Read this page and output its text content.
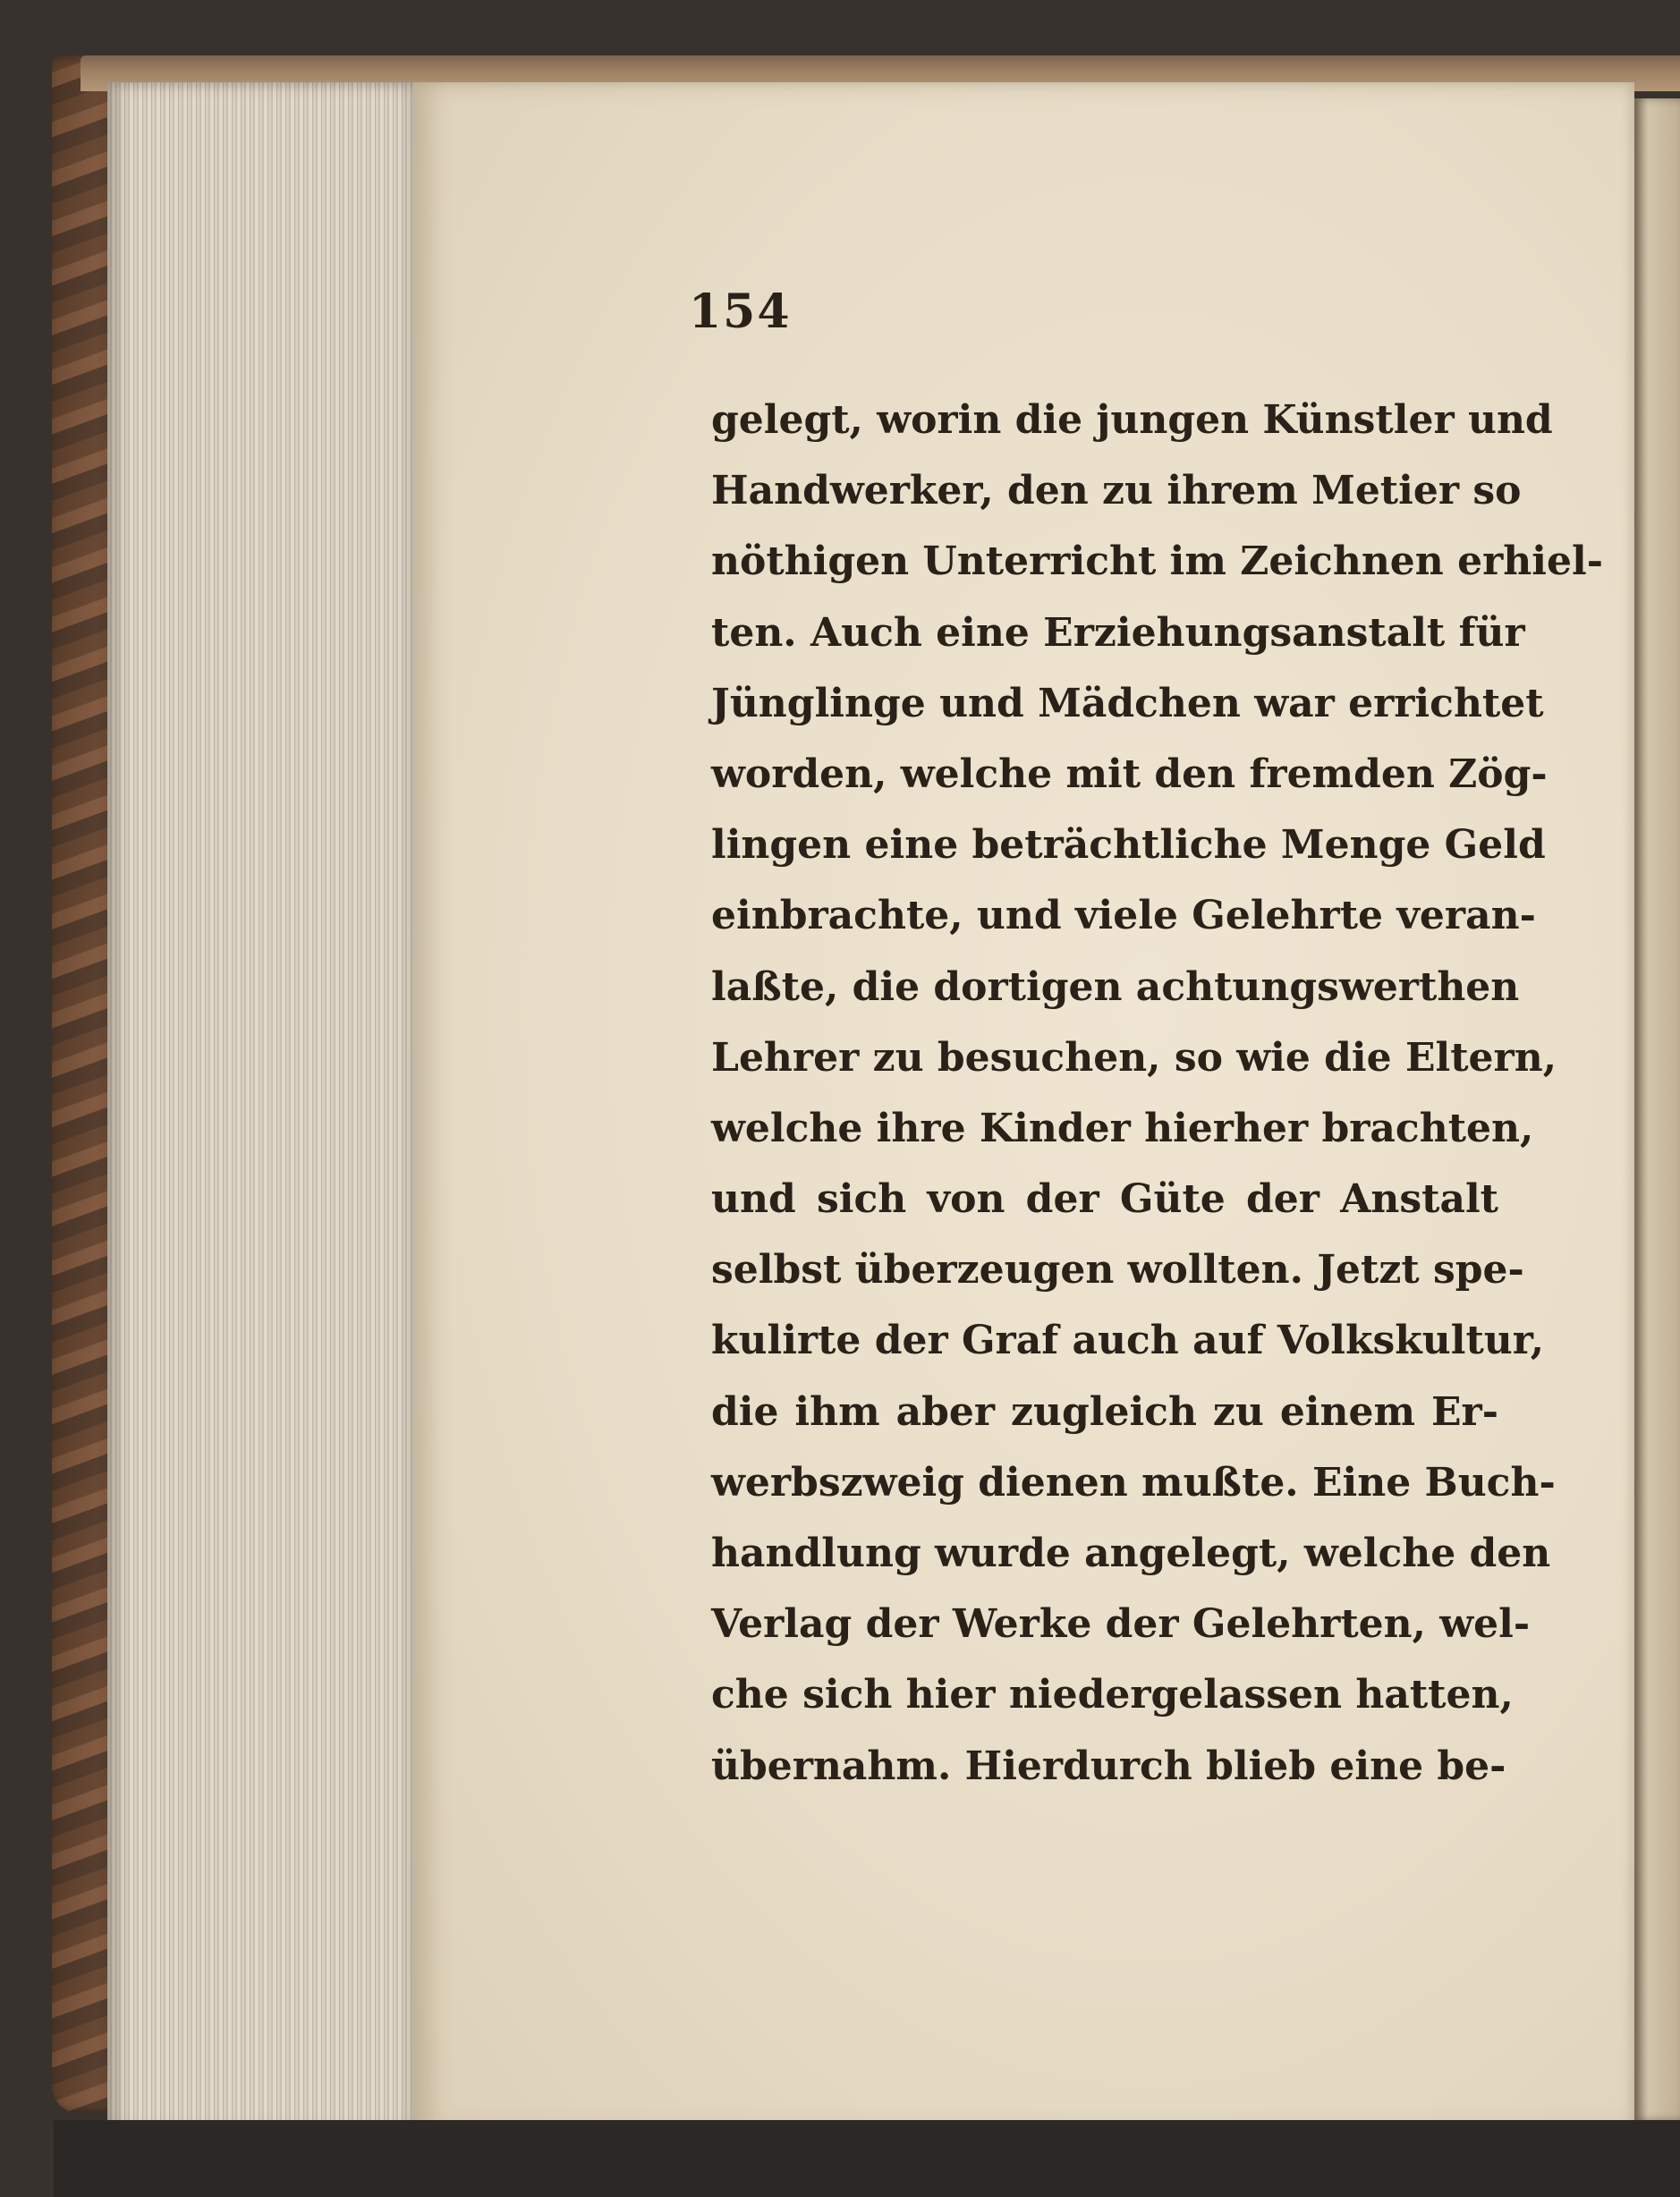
154
gelegt, worin die jungen Künstler und
Handwerker, den zu ihrem Metier so
nöthigen Unterricht im Zeichnen erhiel-
ten. Auch eine Erziehungsanstalt für
Jünglinge und Mädchen war errichtet
worden, welche mit den fremden Zög-
lingen eine beträchtliche Menge Geld
einbrachte, und viele Gelehrte veran-
laßte, die dortigen achtungswerthen
Lehrer zu besuchen, so wie die Eltern,
welche ihre Kinder hierher brachten,
und sich von der Güte der Anstalt
selbst überzeugen wollten. Jetzt spe-
kulirte der Graf auch auf Volkskultur,
die ihm aber zugleich zu einem Er-
werbszweig dienen mußte. Eine Buch-
handlung wurde angelegt, welche den
Verlag der Werke der Gelehrten, wel-
che sich hier niedergelassen hatten,
übernahm. Hierdurch blieb eine be-
